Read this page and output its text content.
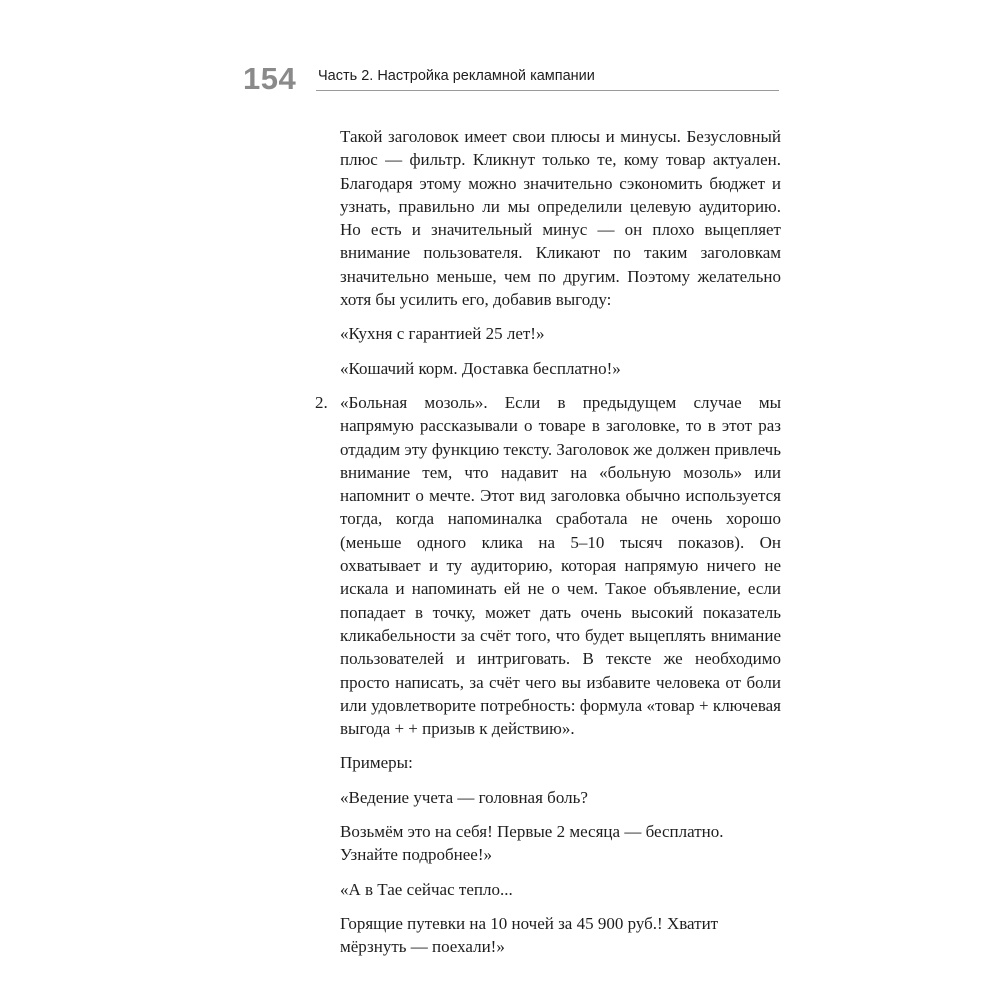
154 Часть 2. Настройка рекламной кампании

Такой заголовок имеет свои плюсы и минусы. Безусловный плюс — фильтр. Кликнут только те, кому товар актуален. Благодаря этому можно значительно сэкономить бюджет и узнать, правильно ли мы определили целевую аудиторию. Но есть и значительный минус — он плохо выцепляет внимание пользователя. Кликают по таким заголовкам значительно меньше, чем по другим. Поэтому желательно хотя бы усилить его, добавив выгоду:

«Кухня с гарантией 25 лет!»

«Кошачий корм. Доставка бесплатно!»

2. «Больная мозоль». Если в предыдущем случае мы напрямую рассказывали о товаре в заголовке, то в этот раз отдадим эту функцию тексту. Заголовок же должен привлечь внимание тем, что надавит на «больную мозоль» или напомнит о мечте. Этот вид заголовка обычно используется тогда, когда напоминалка сработала не очень хорошо (меньше одного клика на 5–10 тысяч показов). Он охватывает и ту аудиторию, которая напрямую ничего не искала и напоминать ей не о чем. Такое объявление, если попадает в точку, может дать очень высокий показатель кликабельности за счёт того, что будет выцеплять внимание пользователей и интриговать. В тексте же необходимо просто написать, за счёт чего вы избавите человека от боли или удовлетворите потребность: формула «товар + ключевая выгода + + призыв к действию».

Примеры:

«Ведение учета — головная боль?

Возьмём это на себя! Первые 2 месяца — бесплатно. Узнайте подробнее!»

«А в Тае сейчас тепло...

Горящие путевки на 10 ночей за 45 900 руб.! Хватит мёрзнуть — поехали!»
